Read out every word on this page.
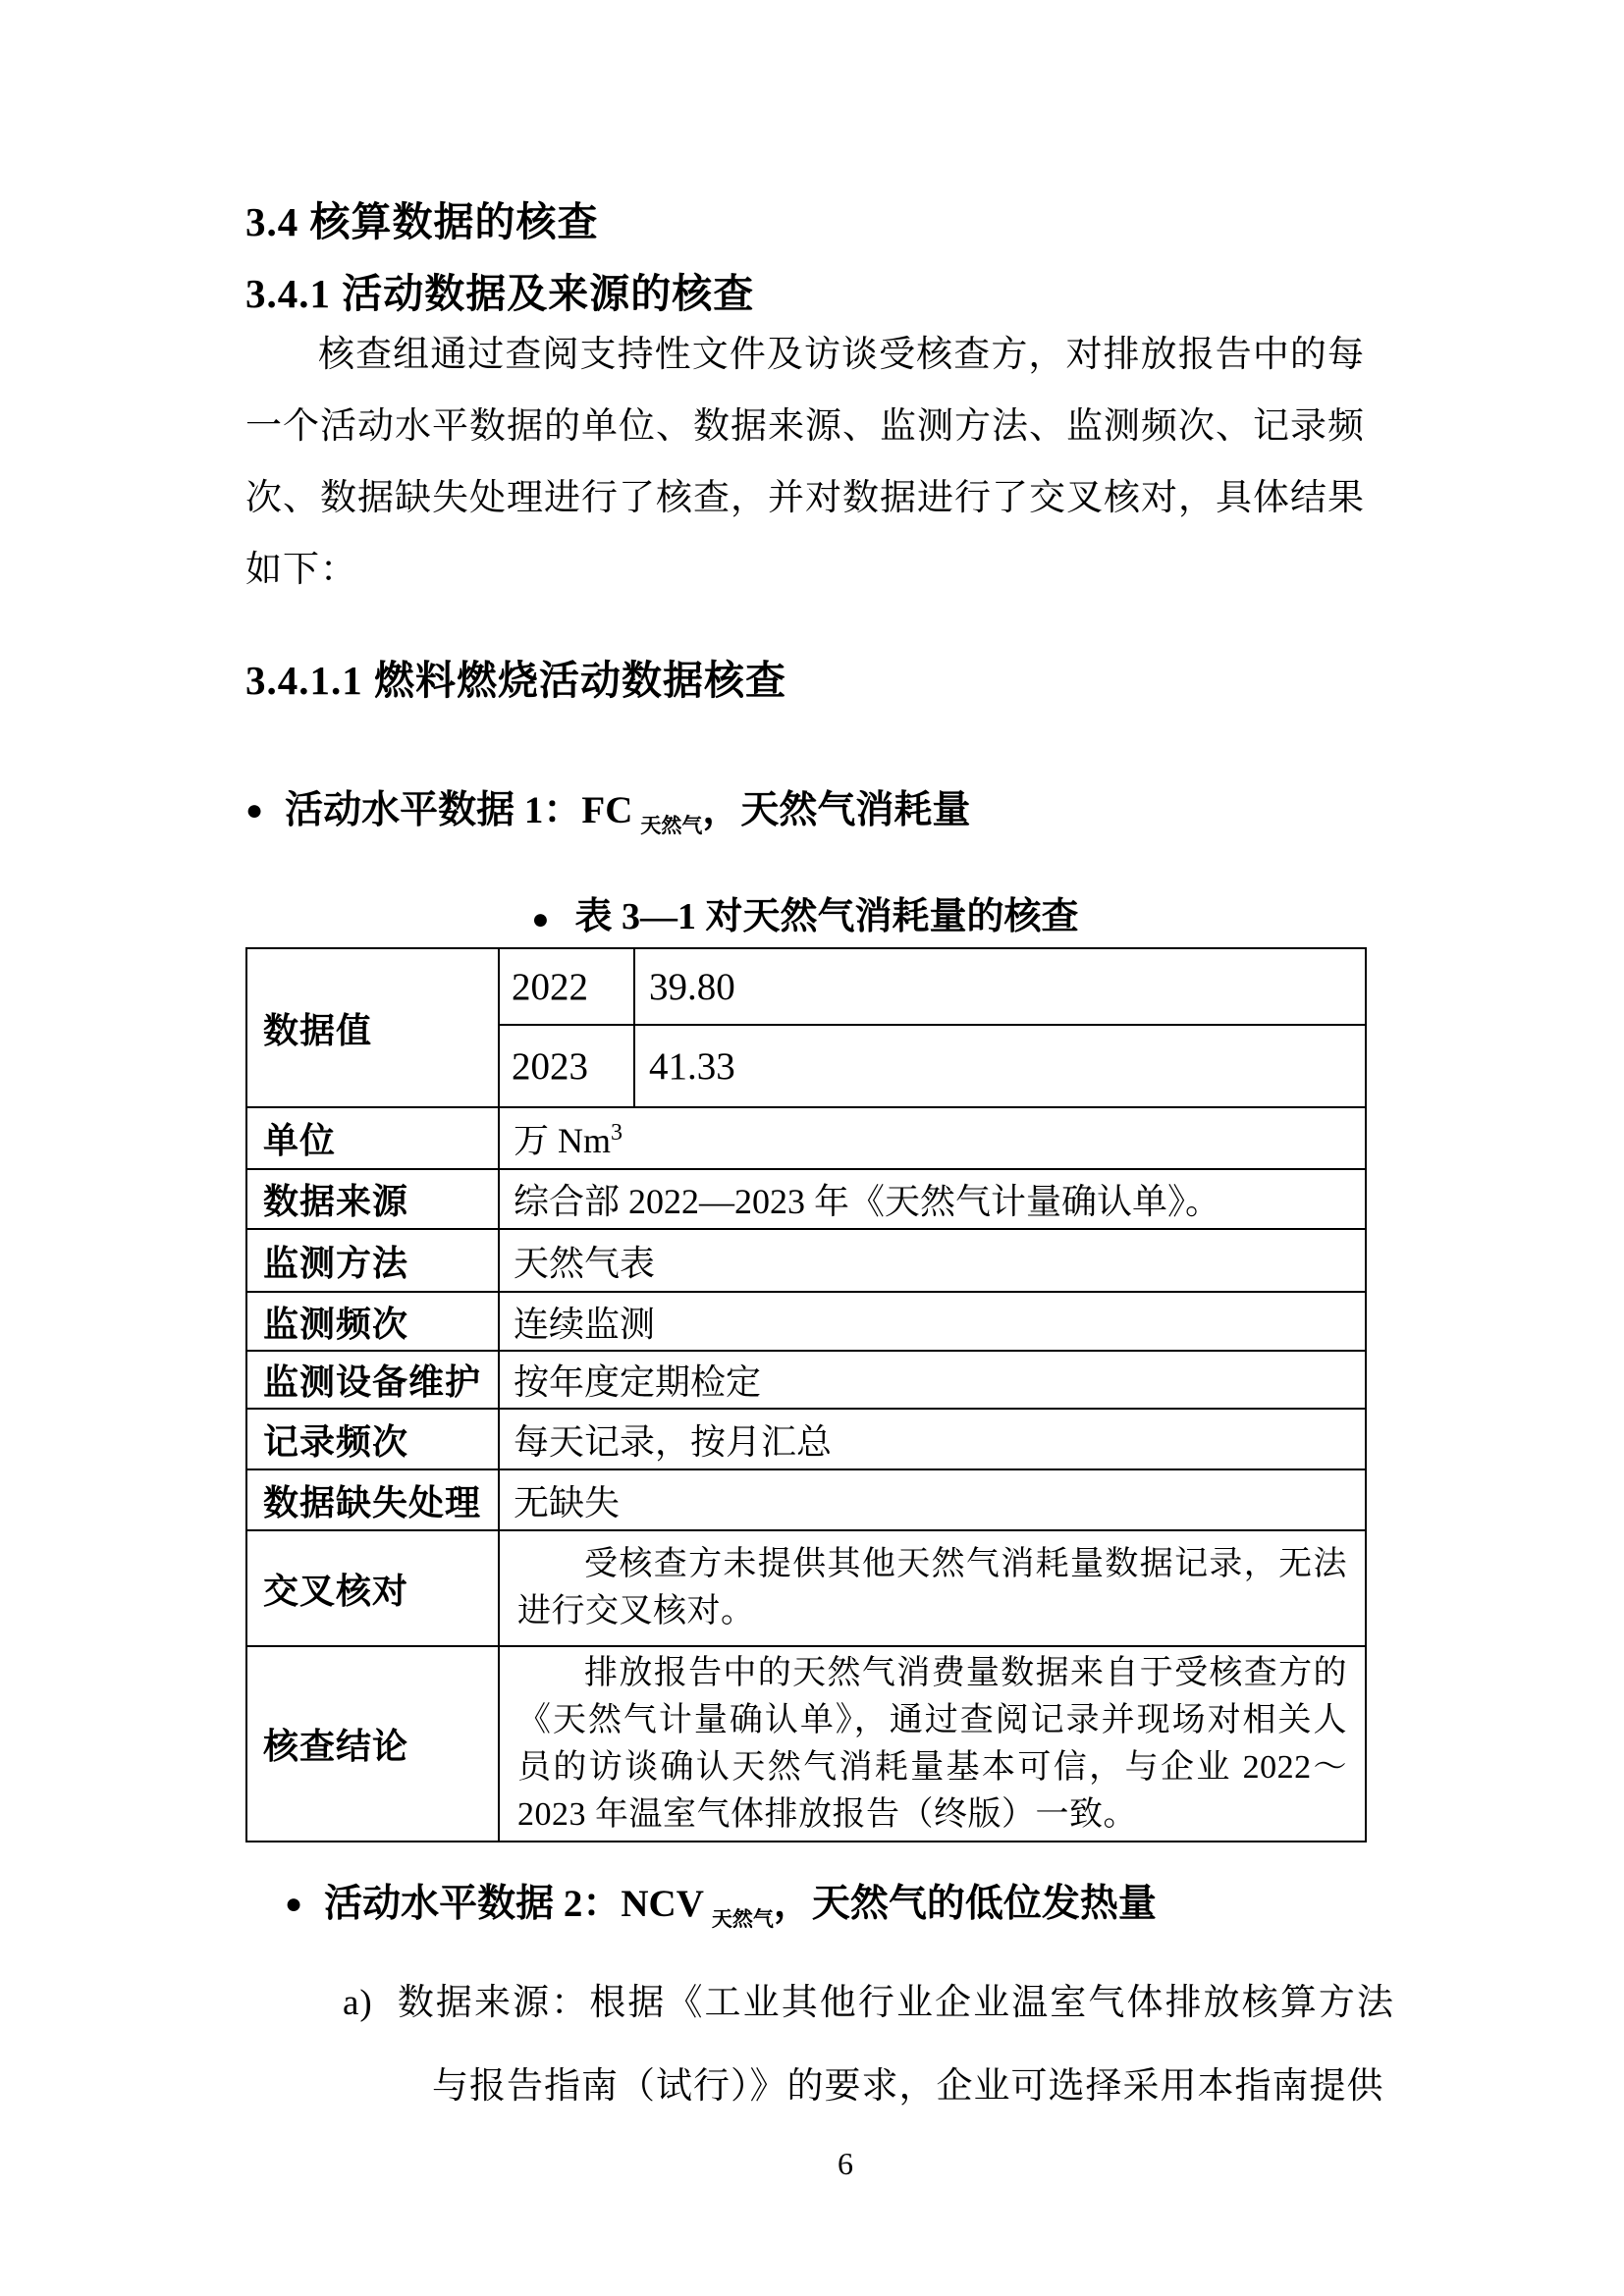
3.4 核算数据的核查
3.4.1 活动数据及来源的核查

核查组通过查阅支持性文件及访谈受核查方，对排放报告中的每一个活动水平数据的单位、数据来源、监测方法、监测频次、记录频次、数据缺失处理进行了核查，并对数据进行了交叉核对，具体结果如下：

3.4.1.1 燃料燃烧活动数据核查
● 活动水平数据 1：FC $_{天然气}$，天然气消耗量
● 表 3—1 对天然气消耗量的核查
数据值	2022	39.80
	2023	41.33
单位	万 Nm$^3$
数据来源	综合部 2022—2023 年《天然气计量确认单》。	
监测方法	天然气表	
监测频次	连续监测	
监测设备维护	按年度定期检定	
记录频次	每天记录，按月汇总	
数据缺失处理	无缺失	
交叉核对	受核查方未提供其他天然气消耗量数据记录，无法进行交叉核对。	
核查结论	排放报告中的天然气消费量数据来自于受核查方的《天然气计量确认单》，通过查阅记录并现场对相关人员的访谈确认天然气消耗量基本可信，与企业 2022～2023 年温室气体排放报告（终版）一致。	
● 活动水平数据 2：NCV $_{天然气}$，天然气的低位发热量
a) 数据来源：根据《工业其他行业企业温室气体排放核算方法与报告指南（试行）》的要求，企业可选择采用本指南提供
6
